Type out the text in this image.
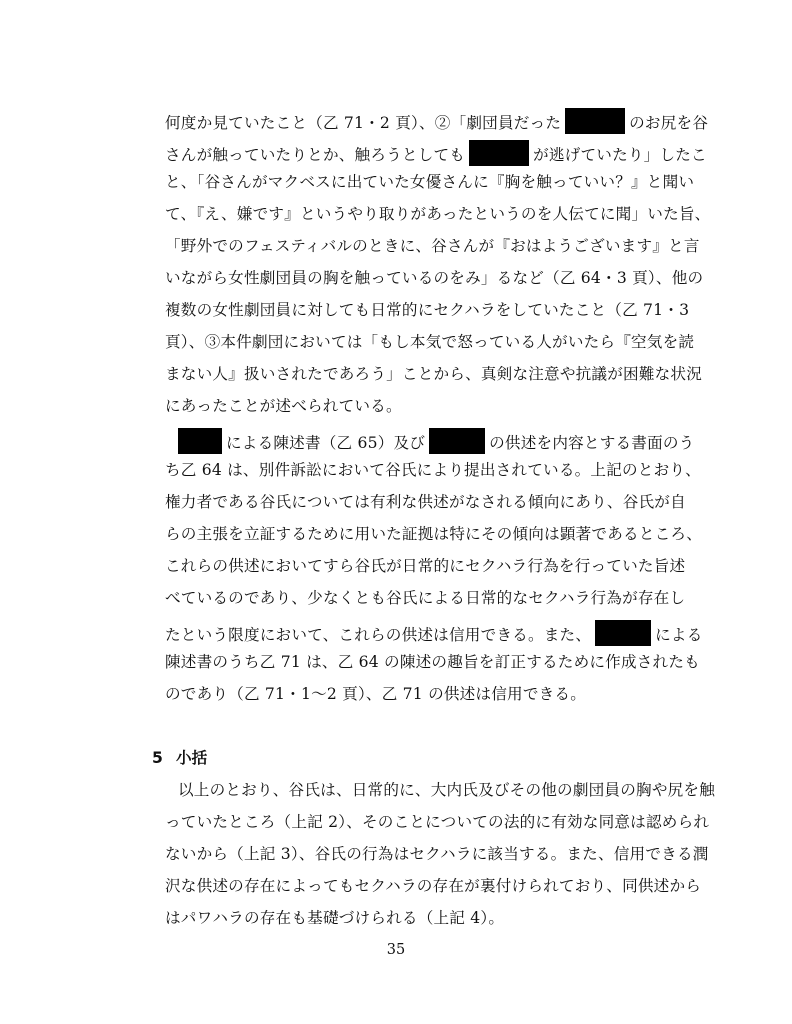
何度か見ていたこと（乙 71・2 頁）、②「劇団員だった	のお尻を谷
さんが触っていたりとか、触ろうとしても	が逃げていたり」したこ
と、「谷さんがマクベスに出ていた女優さんに『胸を触っていい？』と聞い
て、『え、嫌です』というやり取りがあったというのを人伝てに聞」いた旨、
「野外でのフェスティバルのときに、谷さんが『おはようございます』と言
いながら女性劇団員の胸を触っているのをみ」るなど（乙 64・3 頁）、他の
複数の女性劇団員に対しても日常的にセクハラをしていたこと（乙 71・3
頁）、③本件劇団においては「もし本気で怒っている人がいたら『空気を読
まない人』扱いされたであろう」ことから、真剣な注意や抗議が困難な状況
にあったことが述べられている。
による陳述書（乙 65）及び	の供述を内容とする書面のう
ち乙 64 は、別件訴訟において谷氏により提出されている。上記のとおり、
権力者である谷氏については有利な供述がなされる傾向にあり、谷氏が自
らの主張を立証するために用いた証拠は特にその傾向は顕著であるところ、
これらの供述においてすら谷氏が日常的にセクハラ行為を行っていた旨述
べているのであり、少なくとも谷氏による日常的なセクハラ行為が存在し
たという限度において、これらの供述は信用できる。また、	による
陳述書のうち乙 71 は、乙 64 の陳述の趣旨を訂正するために作成されたも
のであり（乙 71・1〜2 頁）、乙 71 の供述は信用できる。
5 小括
以上のとおり、谷氏は、日常的に、大内氏及びその他の劇団員の胸や尻を触
っていたところ（上記 2）、そのことについての法的に有効な同意は認められ
ないから（上記 3）、谷氏の行為はセクハラに該当する。また、信用できる潤
沢な供述の存在によってもセクハラの存在が裏付けられており、同供述から
はパワハラの存在も基礎づけられる（上記 4）。
35
